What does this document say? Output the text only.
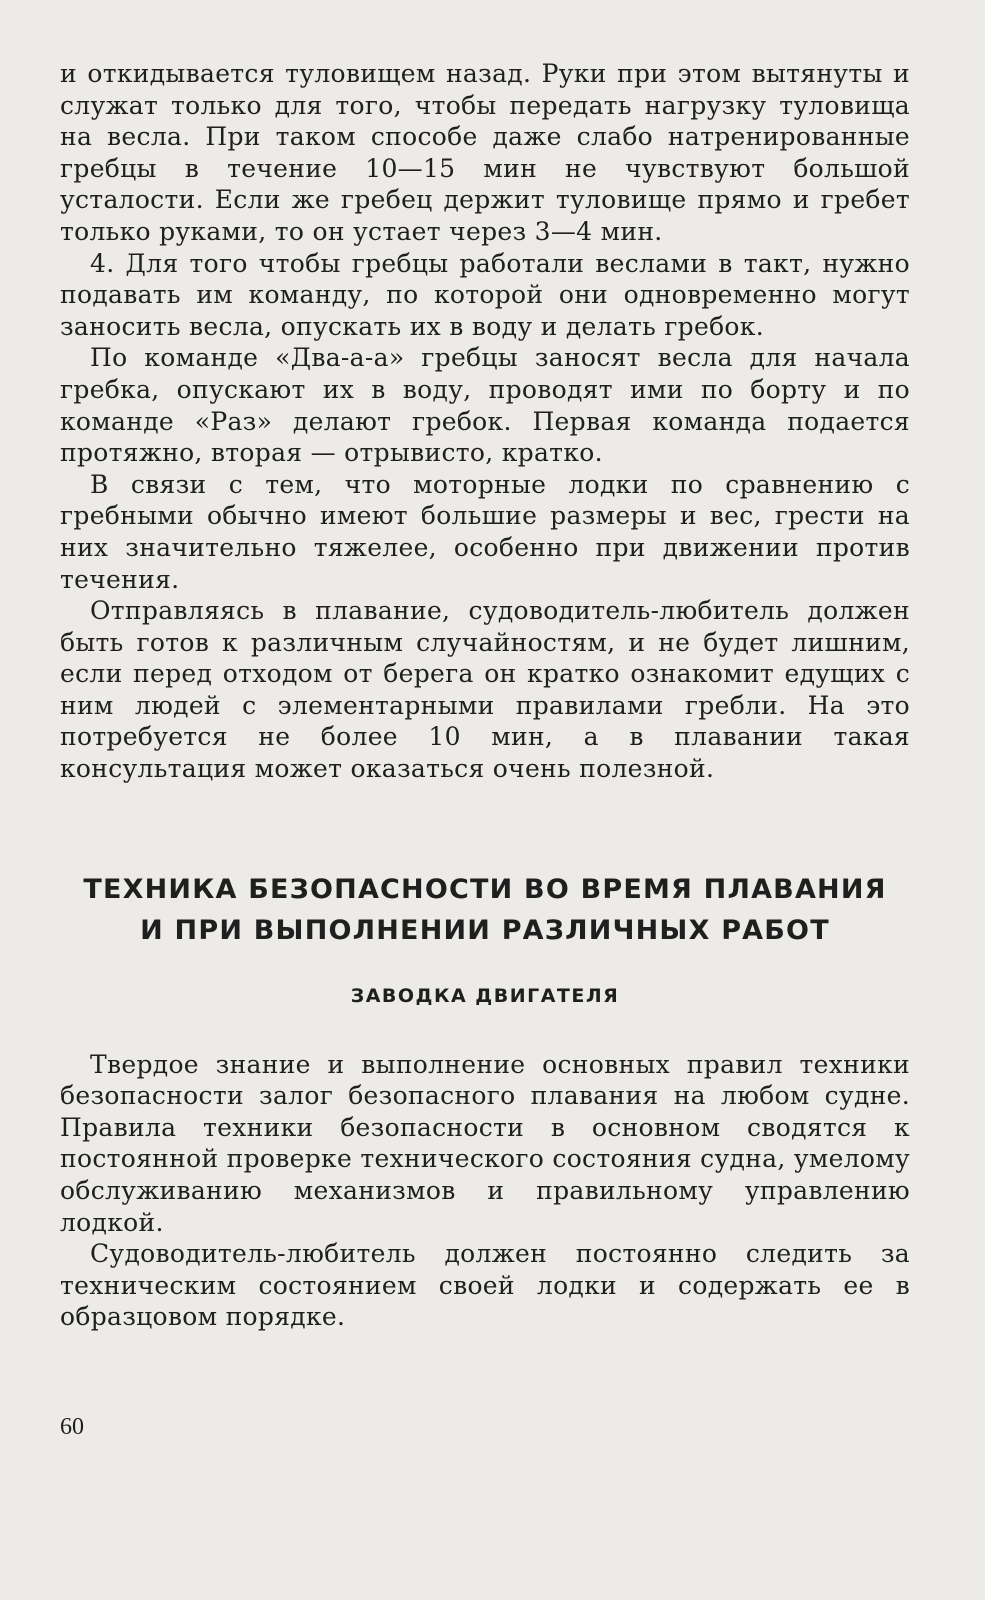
и откидывается туловищем назад. Руки при этом вытянуты и служат только для того, чтобы передать нагрузку туловища на весла. При таком способе даже слабо натренированные гребцы в течение 10—15 мин не чувствуют большой усталости. Если же гребец держит туловище прямо и гребет только руками, то он устает через 3—4 мин.

4. Для того чтобы гребцы работали веслами в такт, нужно подавать им команду, по которой они одновременно могут заносить весла, опускать их в воду и делать гребок.

По команде «Два-а-а» гребцы заносят весла для начала гребка, опускают их в воду, проводят ими по борту и по команде «Раз» делают гребок. Первая команда подается протяжно, вторая — отрывисто, кратко.

В связи с тем, что моторные лодки по сравнению с гребными обычно имеют большие размеры и вес, грести на них значительно тяжелее, особенно при движении против течения.

Отправляясь в плавание, судоводитель-любитель должен быть готов к различным случайностям, и не будет лишним, если перед отходом от берега он кратко ознакомит едущих с ним людей с элементарными правилами гребли. На это потребуется не более 10 мин, а в плавании такая консультация может оказаться очень полезной.

ТЕХНИКА БЕЗОПАСНОСТИ ВО ВРЕМЯ ПЛАВАНИЯ
И ПРИ ВЫПОЛНЕНИИ РАЗЛИЧНЫХ РАБОТ
ЗАВОДКА ДВИГАТЕЛЯ

Твердое знание и выполнение основных правил техники безопасности залог безопасного плавания на любом судне. Правила техники безопасности в основном сводятся к постоянной проверке технического состояния судна, умелому обслуживанию механизмов и правильному управлению лодкой.

Судоводитель-любитель должен постоянно следить за техническим состоянием своей лодки и содержать ее в образцовом порядке.

60
